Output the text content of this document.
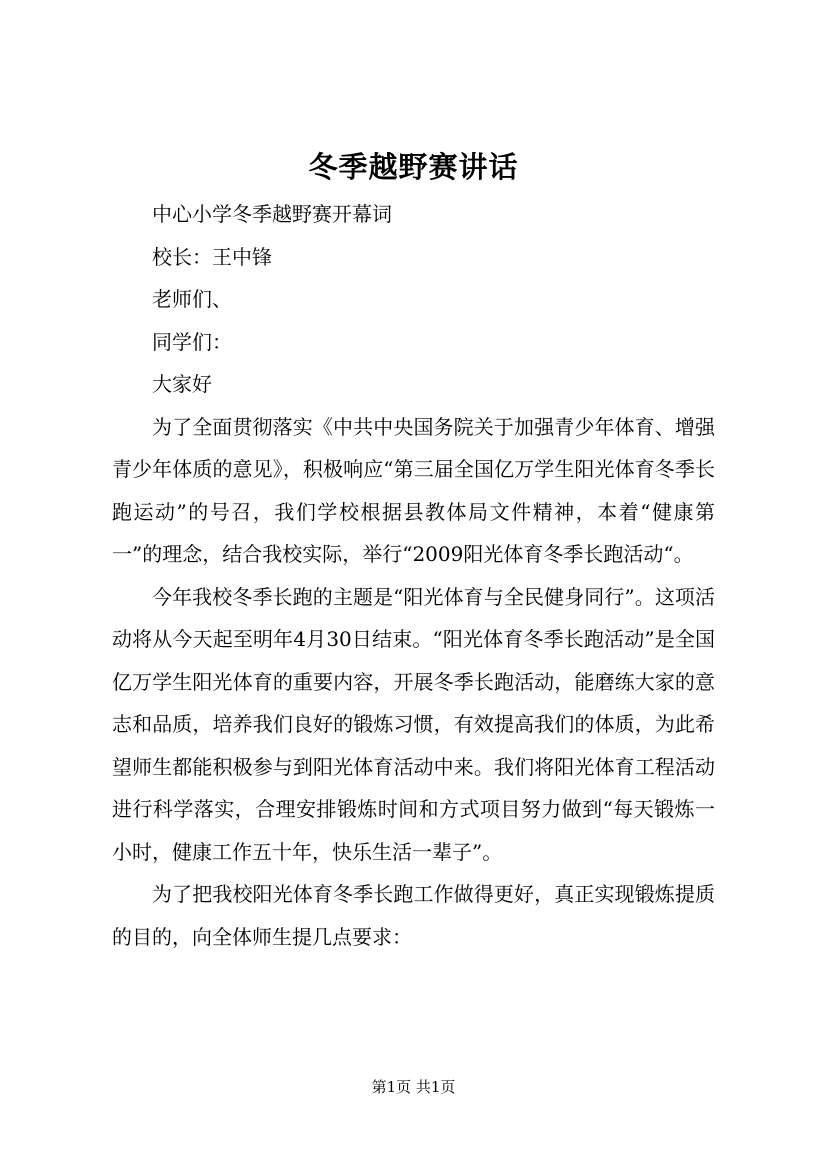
冬季越野赛讲话

中心小学冬季越野赛开幕词

校长：王中锋

老师们、

同学们：

大家好

为了全面贯彻落实《中共中央国务院关于加强青少年体育、增强青少年体质的意见》，积极响应“第三届全国亿万学生阳光体育冬季长跑运动”的号召，我们学校根据县教体局文件精神，本着“健康第一”的理念，结合我校实际，举行“2009阳光体育冬季长跑活动“。

今年我校冬季长跑的主题是“阳光体育与全民健身同行”。这项活动将从今天起至明年4月30日结束。“阳光体育冬季长跑活动”是全国亿万学生阳光体育的重要内容，开展冬季长跑活动，能磨练大家的意志和品质，培养我们良好的锻炼习惯，有效提高我们的体质，为此希望师生都能积极参与到阳光体育活动中来。我们将阳光体育工程活动进行科学落实，合理安排锻炼时间和方式项目努力做到“每天锻炼一小时，健康工作五十年，快乐生活一辈子”。

为了把我校阳光体育冬季长跑工作做得更好，真正实现锻炼提质的目的，向全体师生提几点要求：

第1页 共1页
